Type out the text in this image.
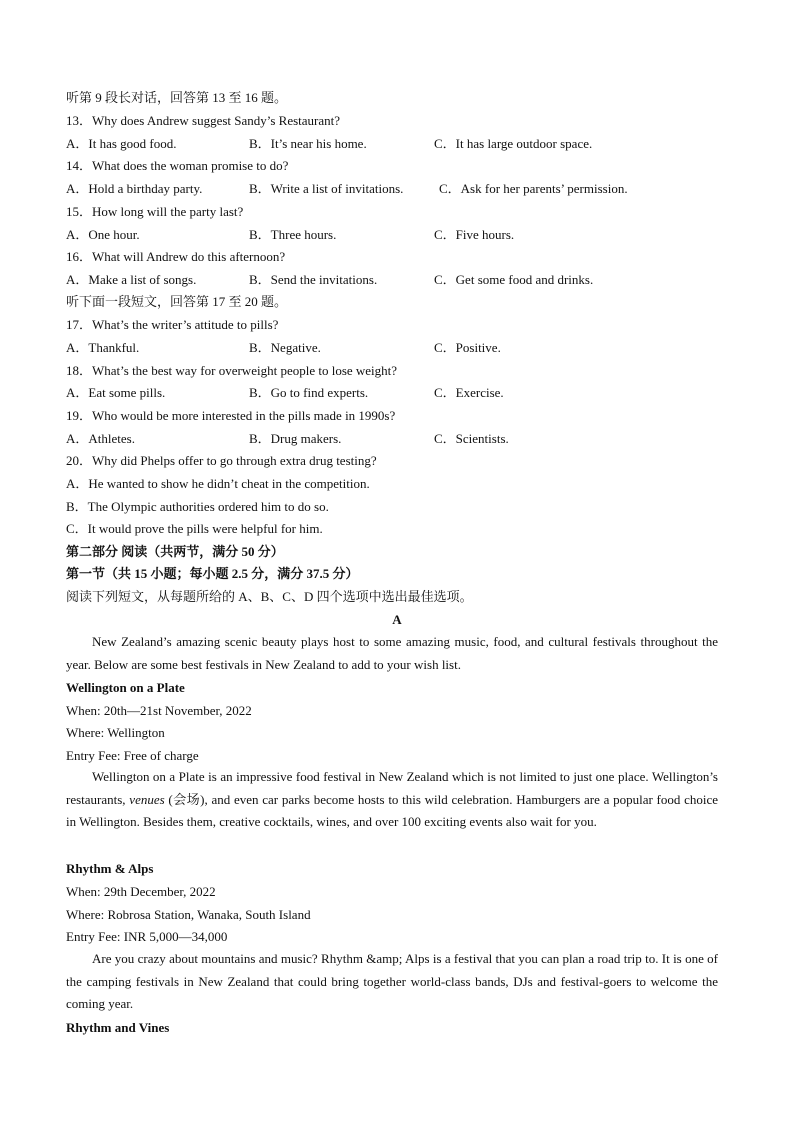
听第 9 段长对话，回答第 13 至 16 题。
13．Why does Andrew suggest Sandy’s Restaurant?
A．It has good food.	B．It’s near his home.	C．It has large outdoor space.
14．What does the woman promise to do?
A．Hold a birthday party.	B．Write a list of invitations.	C．Ask for her parents’ permission.
15．How long will the party last?
A．One hour.	B．Three hours.	C．Five hours.
16．What will Andrew do this afternoon?
A．Make a list of songs.	B．Send the invitations.	C．Get some food and drinks.
听下面一段短文，回答第 17 至 20 题。
17．What’s the writer’s attitude to pills?
A．Thankful.	B．Negative.	C．Positive.
18．What’s the best way for overweight people to lose weight?
A．Eat some pills.	B．Go to find experts.	C．Exercise.
19．Who would be more interested in the pills made in 1990s?
A．Athletes.	B．Drug makers.	C．Scientists.
20．Why did Phelps offer to go through extra drug testing?
A．He wanted to show he didn’t cheat in the competition.
B．The Olympic authorities ordered him to do so.
C．It would prove the pills were helpful for him.
第二部分 阅读（共两节，满分 50 分）
第一节（共 15 小题；每小题 2.5 分，满分 37.5 分）
阅读下列短文，从每题所给的 A、B、C、D 四个选项中选出最佳选项。
A
New Zealand’s amazing scenic beauty plays host to some amazing music, food, and cultural festivals throughout the year. Below are some best festivals in New Zealand to add to your wish list.
Wellington on a Plate
When: 20th—21st November, 2022
Where: Wellington
Entry Fee: Free of charge
Wellington on a Plate is an impressive food festival in New Zealand which is not limited to just one place. Wellington’s restaurants, venues (会场), and even car parks become hosts to this wild celebration. Hamburgers are a popular food choice in Wellington. Besides them, creative cocktails, wines, and over 100 exciting events also wait for you.
Rhythm & Alps
When: 29th December, 2022
Where: Robrosa Station, Wanaka, South Island
Entry Fee: INR 5,000—34,000
Are you crazy about mountains and music? Rhythm &amp; Alps is a festival that you can plan a road trip to. It is one of the camping festivals in New Zealand that could bring together world-class bands, DJs and festival-goers to welcome the coming year.
Rhythm and Vines
